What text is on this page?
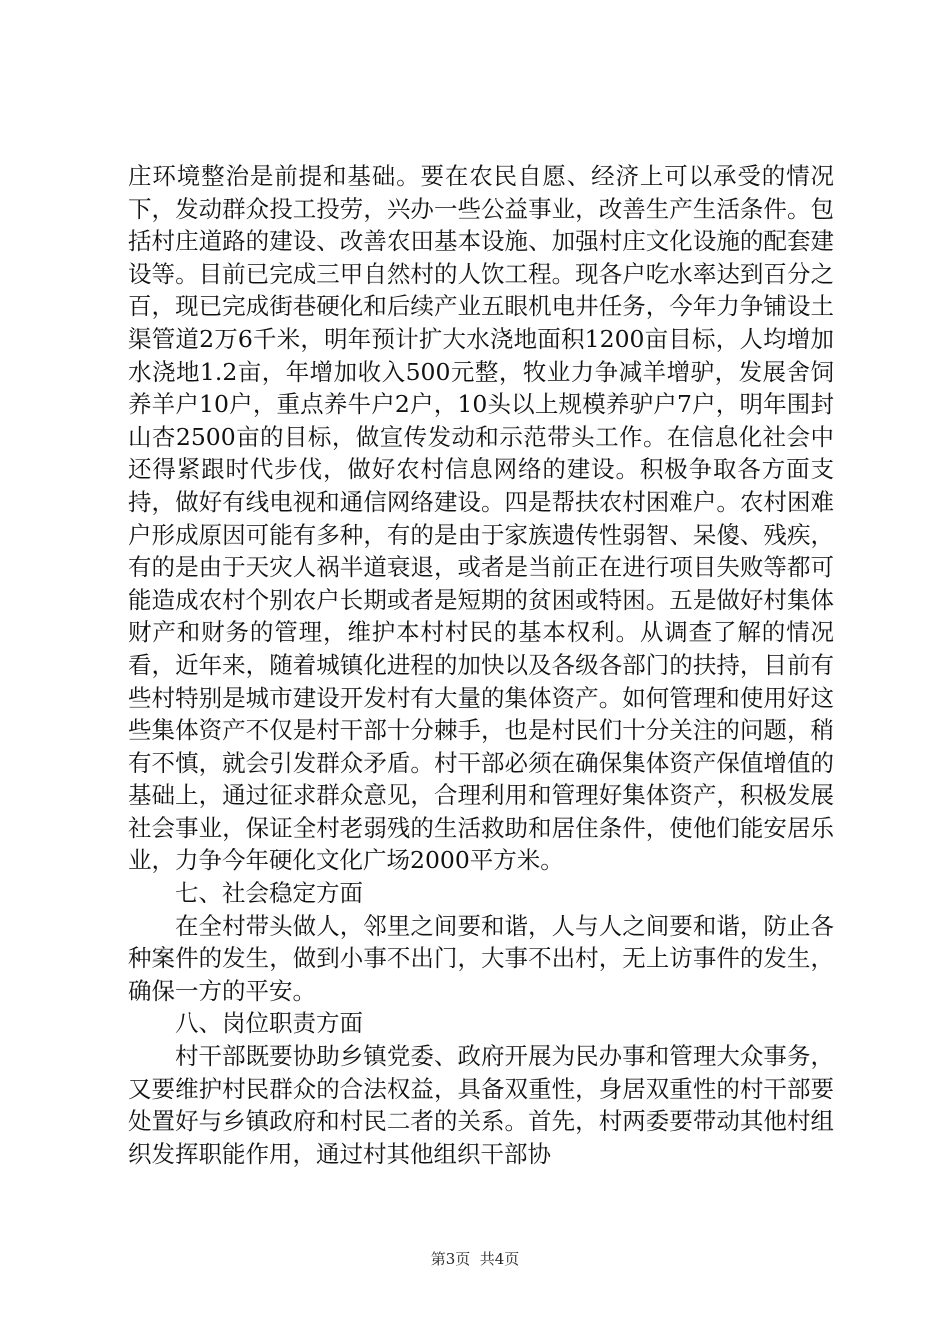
庄环境整治是前提和基础。要在农民自愿、经济上可以承受的情况下，发动群众投工投劳，兴办一些公益事业，改善生产生活条件。包括村庄道路的建设、改善农田基本设施、加强村庄文化设施的配套建设等。目前已完成三甲自然村的人饮工程。现各户吃水率达到百分之百，现已完成街巷硬化和后续产业五眼机电井任务，今年力争铺设土渠管道2万6千米，明年预计扩大水浇地面积1200亩目标，人均增加水浇地1.2亩，年增加收入500元整，牧业力争减羊增驴，发展舍饲养羊户10户，重点养牛户2户，10头以上规模养驴户7户，明年围封山杏2500亩的目标，做宣传发动和示范带头工作。在信息化社会中还得紧跟时代步伐，做好农村信息网络的建设。积极争取各方面支持，做好有线电视和通信网络建设。四是帮扶农村困难户。农村困难户形成原因可能有多种，有的是由于家族遗传性弱智、呆傻、残疾，有的是由于天灾人祸半道衰退，或者是当前正在进行项目失败等都可能造成农村个别农户长期或者是短期的贫困或特困。五是做好村集体财产和财务的管理，维护本村村民的基本权利。从调查了解的情况看，近年来，随着城镇化进程的加快以及各级各部门的扶持，目前有些村特别是城市建设开发村有大量的集体资产。如何管理和使用好这些集体资产不仅是村干部十分棘手，也是村民们十分关注的问题，稍有不慎，就会引发群众矛盾。村干部必须在确保集体资产保值增值的基础上，通过征求群众意见，合理利用和管理好集体资产，积极发展社会事业，保证全村老弱残的生活救助和居住条件，使他们能安居乐业，力争今年硬化文化广场2000平方米。

七、社会稳定方面

在全村带头做人，邻里之间要和谐，人与人之间要和谐，防止各种案件的发生，做到小事不出门，大事不出村，无上访事件的发生，确保一方的平安。

八、岗位职责方面

村干部既要协助乡镇党委、政府开展为民办事和管理大众事务，又要维护村民群众的合法权益，具备双重性，身居双重性的村干部要处置好与乡镇政府和村民二者的关系。首先，村两委要带动其他村组织发挥职能作用，通过村其他组织干部协

第3页  共4页
